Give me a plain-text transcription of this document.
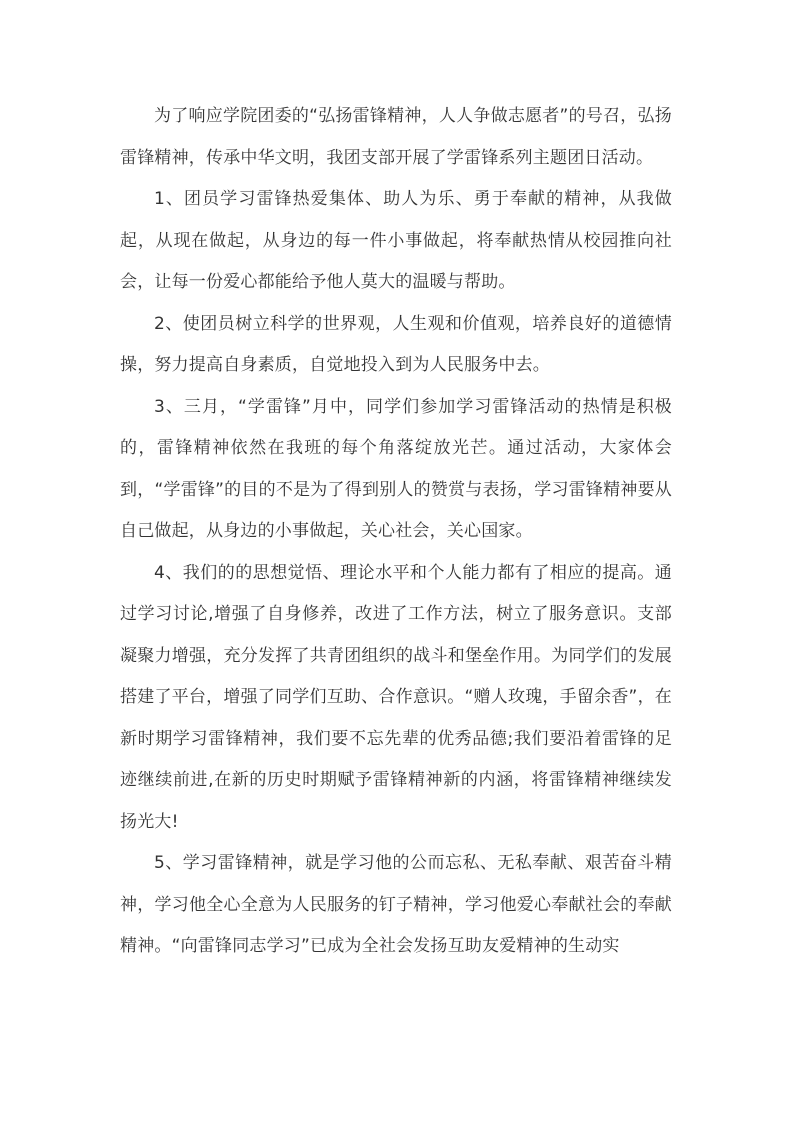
为了响应学院团委的“弘扬雷锋精神，人人争做志愿者”的号召，弘扬雷锋精神，传承中华文明，我团支部开展了学雷锋系列主题团日活动。

1、团员学习雷锋热爱集体、助人为乐、勇于奉献的精神，从我做起，从现在做起，从身边的每一件小事做起，将奉献热情从校园推向社会，让每一份爱心都能给予他人莫大的温暖与帮助。

2、使团员树立科学的世界观，人生观和价值观，培养良好的道德情操，努力提高自身素质，自觉地投入到为人民服务中去。

3、三月，“学雷锋”月中，同学们参加学习雷锋活动的热情是积极的，雷锋精神依然在我班的每个角落绽放光芒。通过活动，大家体会到，“学雷锋”的目的不是为了得到别人的赞赏与表扬，学习雷锋精神要从自己做起，从身边的小事做起，关心社会，关心国家。

4、我们的的思想觉悟、理论水平和个人能力都有了相应的提高。通过学习讨论,增强了自身修养，改进了工作方法，树立了服务意识。支部凝聚力增强，充分发挥了共青团组织的战斗和堡垒作用。为同学们的发展搭建了平台，增强了同学们互助、合作意识。“赠人玫瑰，手留余香”，在新时期学习雷锋精神，我们要不忘先辈的优秀品德;我们要沿着雷锋的足迹继续前进,在新的历史时期赋予雷锋精神新的内涵，将雷锋精神继续发扬光大!

5、学习雷锋精神，就是学习他的公而忘私、无私奉献、艰苦奋斗精神，学习他全心全意为人民服务的钉子精神，学习他爱心奉献社会的奉献精神。“向雷锋同志学习”已成为全社会发扬互助友爱精神的生动实
